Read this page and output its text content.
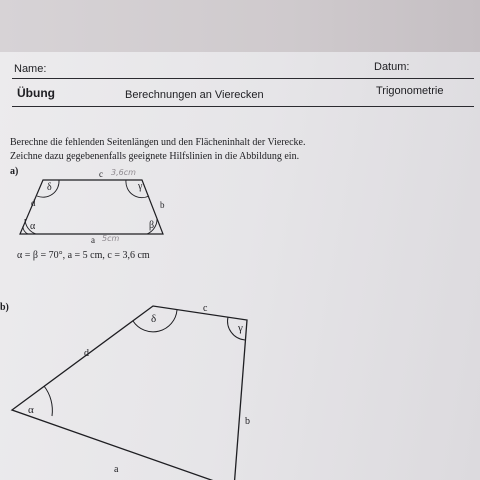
Name:	Datum:
Übung	Berechnungen an Vierecken	Trigonometrie
Berechne die fehlenden Seitenlängen und den Flächeninhalt der Vierecke.
Zeichne dazu gegebenenfalls geeignete Hilfslinien in die Abbildung ein.
a)	c 3,6cm
d	b
a 5cm
α	β
γ
δ
α = β = 70°, a = 5 cm, c = 3,6 cm
b)
d
c
b
a
α
δ
γ
